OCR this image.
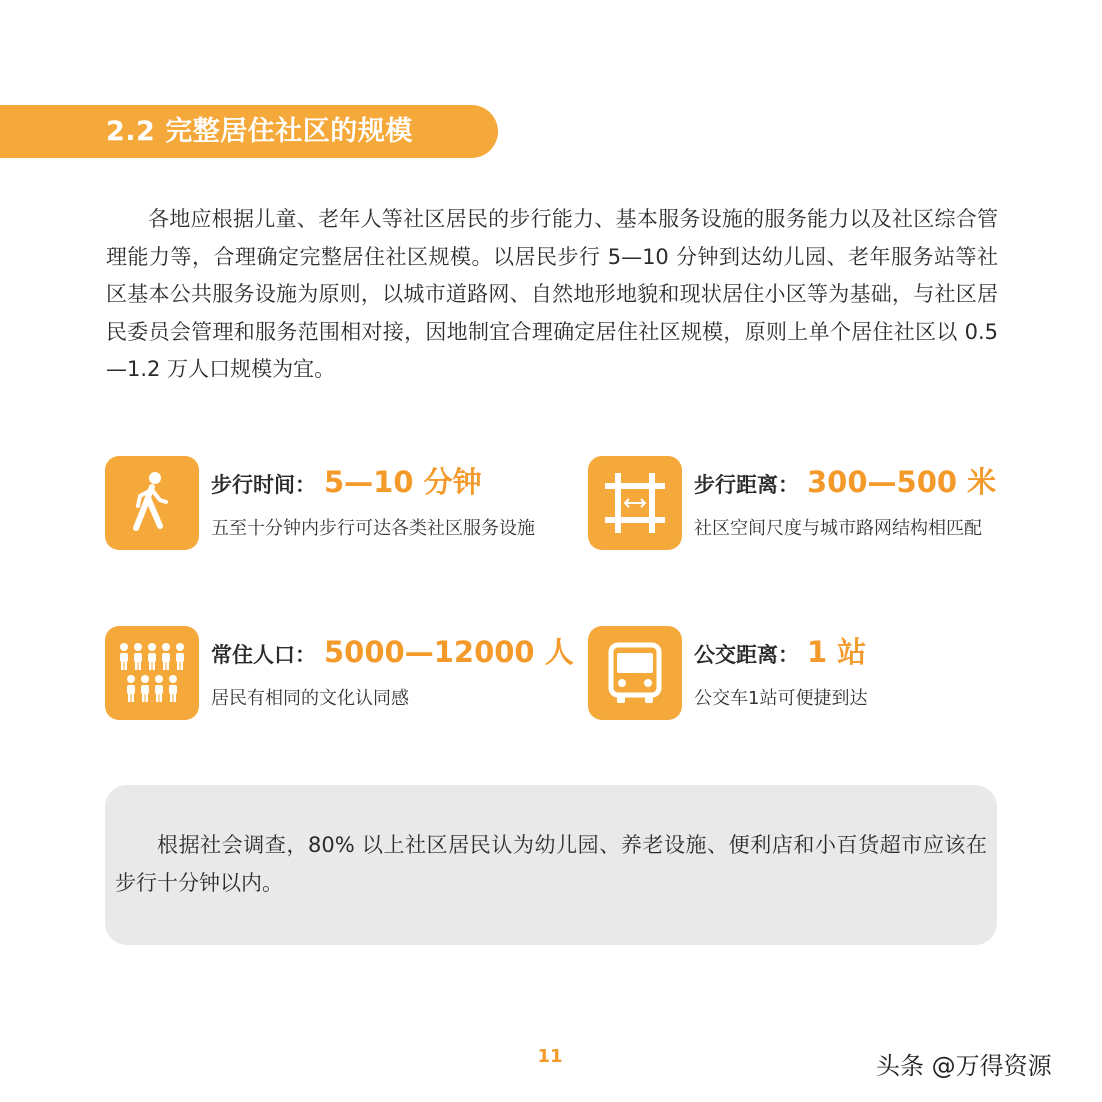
2.2 完整居住社区的规模

各地应根据儿童、老年人等社区居民的步行能力、基本服务设施的服务能力以及社区综合管理能力等，合理确定完整居住社区规模。以居民步行 5—10 分钟到达幼儿园、老年服务站等社区基本公共服务设施为原则，以城市道路网、自然地形地貌和现状居住小区等为基础，与社区居民委员会管理和服务范围相对接，因地制宜合理确定居住社区规模，原则上单个居住社区以 0.5—1.2 万人口规模为宜。

步行时间： 5—10 分钟
五至十分钟内步行可达各类社区服务设施
步行距离： 300—500 米
社区空间尺度与城市路网结构相匹配
常住人口： 5000—12000 人
居民有相同的文化认同感
公交距离： 1 站
公交车1站可便捷到达

根据社会调查，80% 以上社区居民认为幼儿园、养老设施、便利店和小百货超市应该在步行十分钟以内。

11	头条 @万得资源
